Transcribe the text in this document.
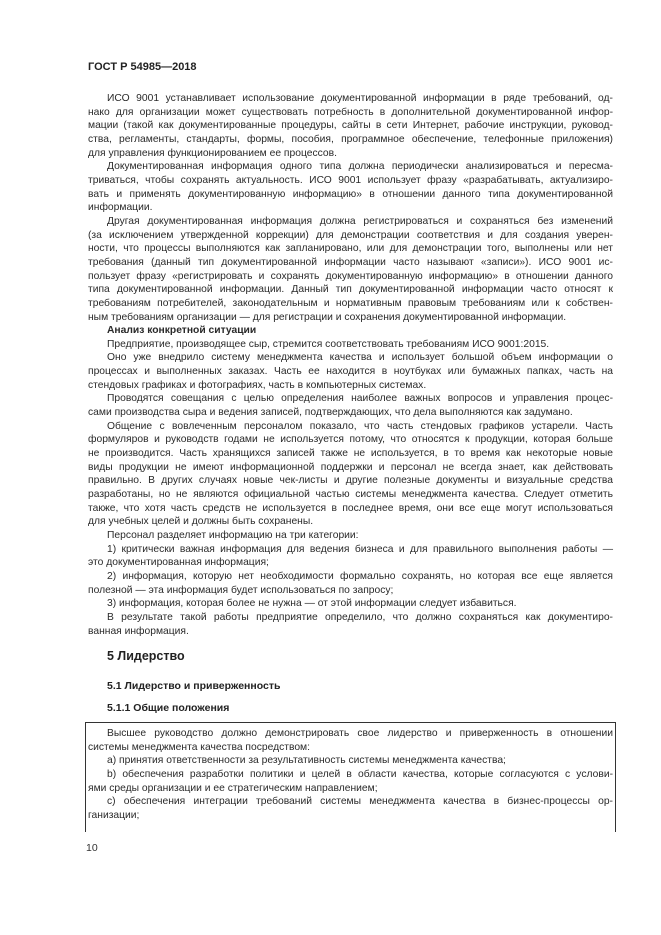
ГОСТ Р 54985—2018
ИСО 9001 устанавливает использование документированной информации в ряде требований, од-
нако для организации может существовать потребность в дополнительной документированной инфор-
мации (такой как документированные процедуры, сайты в сети Интернет, рабочие инструкции, руковод-
ства, регламенты, стандарты, формы, пособия, программное обеспечение, телефонные приложения)
для управления функционированием ее процессов.
Документированная информация одного типа должна периодически анализироваться и пересма-
триваться, чтобы сохранять актуальность. ИСО 9001 использует фразу «разрабатывать, актуализиро-
вать и применять документированную информацию» в отношении данного типа документированной
информации.
Другая документированная информация должна регистрироваться и сохраняться без изменений
(за исключением утвержденной коррекции) для демонстрации соответствия и для создания уверен-
ности, что процессы выполняются как запланировано, или для демонстрации того, выполнены или нет
требования (данный тип документированной информации часто называют «записи»). ИСО 9001 ис-
пользует фразу «регистрировать и сохранять документированную информацию» в отношении данного
типа документированной информации. Данный тип документированной информации часто относят к
требованиям потребителей, законодательным и нормативным правовым требованиям или к собствен-
ным требованиям организации — для регистрации и сохранения документированной информации.
Анализ конкретной ситуации
Предприятие, производящее сыр, стремится соответствовать требованиям ИСО 9001:2015.
Оно уже внедрило систему менеджмента качества и использует большой объем информации о
процессах и выполненных заказах. Часть ее находится в ноутбуках или бумажных папках, часть на
стендовых графиках и фотографиях, часть в компьютерных системах.
Проводятся совещания с целью определения наиболее важных вопросов и управления процес-
сами производства сыра и ведения записей, подтверждающих, что дела выполняются как задумано.
Общение с вовлеченным персоналом показало, что часть стендовых графиков устарели. Часть
формуляров и руководств годами не используется потому, что относятся к продукции, которая больше
не производится. Часть хранящихся записей также не используется, в то время как некоторые новые
виды продукции не имеют информационной поддержки и персонал не всегда знает, как действовать
правильно. В других случаях новые чек-листы и другие полезные документы и визуальные средства
разработаны, но не являются официальной частью системы менеджмента качества. Следует отметить
также, что хотя часть средств не используется в последнее время, они все еще могут использоваться
для учебных целей и должны быть сохранены.
Персонал разделяет информацию на три категории:
1) критически важная информация для ведения бизнеса и для правильного выполнения работы —
это документированная информация;
2) информация, которую нет необходимости формально сохранять, но которая все еще является
полезной — эта информация будет использоваться по запросу;
3) информация, которая более не нужна — от этой информации следует избавиться.
В результате такой работы предприятие определило, что должно сохраняться как документиро-
ванная информация.
5 Лидерство
5.1 Лидерство и приверженность
5.1.1 Общие положения
Высшее руководство должно демонстрировать свое лидерство и приверженность в отношении
системы менеджмента качества посредством:
a) принятия ответственности за результативность системы менеджмента качества;
b) обеспечения разработки политики и целей в области качества, которые согласуются с услови-
ями среды организации и ее стратегическим направлением;
c) обеспечения интеграции требований системы менеджмента качества в бизнес-процессы ор-
ганизации;
10
